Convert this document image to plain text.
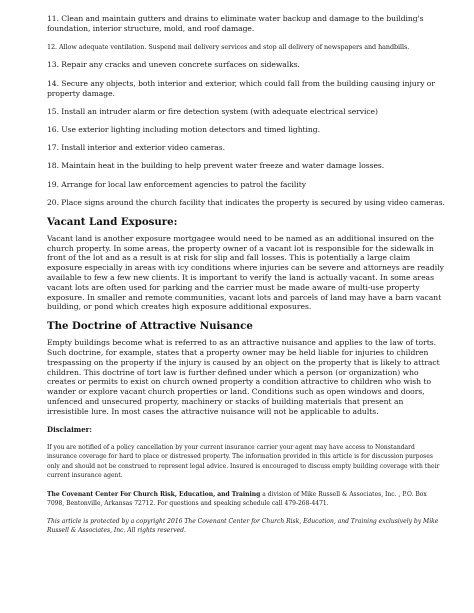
11. Clean and maintain gutters and drains to eliminate water backup and damage to the building's foundation, interior structure, mold, and roof damage.

12. Allow adequate ventilation. Suspend mail delivery services and stop all delivery of newspapers and handbills.

13. Repair any cracks and uneven concrete surfaces on sidewalks.

14. Secure any objects, both interior and exterior, which could fall from the building causing injury or property damage.

15. Install an intruder alarm or fire detection system (with adequate electrical service)

16. Use exterior lighting including motion detectors and timed lighting.

17. Install interior and exterior video cameras.

18. Maintain heat in the building to help prevent water freeze and water damage losses.

19. Arrange for local law enforcement agencies to patrol the facility

20. Place signs around the church facility that indicates the property is secured by using video cameras.

Vacant Land Exposure:

Vacant land is another exposure mortgagee would need to be named as an additional insured on the church property. In some areas, the property owner of a vacant lot is responsible for the sidewalk in front of the lot and as a result is at risk for slip and fall losses. This is potentially a large claim exposure especially in areas with icy conditions where injuries can be severe and attorneys are readily available to few a few new clients. It is important to verify the land is actually vacant. In some areas vacant lots are often used for parking and the carrier must be made aware of multi-use property exposure. In smaller and remote communities, vacant lots and parcels of land may have a barn vacant building, or pond which creates high exposure additional exposures.

The Doctrine of Attractive Nuisance

Empty buildings become what is referred to as an attractive nuisance and applies to the law of torts. Such doctrine, for example, states that a property owner may be held liable for injuries to children trespassing on the property if the injury is caused by an object on the property that is likely to attract children. This doctrine of tort law is further defined under which a person (or organization) who creates or permits to exist on church owned property a condition attractive to children who wish to wander or explore vacant church properties or land. Conditions such as open windows and doors, unfenced and unsecured property, machinery or stacks of building materials that present an irresistible lure. In most cases the attractive nuisance will not be applicable to adults.

Disclaimer:

If you are notified of a policy cancellation by your current insurance carrier your agent may have access to Nonstandard insurance coverage for hard to place or distressed property. The information provided in this article is for discussion purposes only and should not be construed to represent legal advice. Insured is encouraged to discuss empty building coverage with their current insurance agent.

The Covenant Center For Church Risk, Education, and Training a division of Mike Russell & Associates, Inc. , P.O. Box 7098, Bentonville, Arkansas 72712. For questions and speaking schedule call 479-268-4471.

This article is protected by a copyright 2016 The Covenant Center for Church Risk, Education, and Training exclusively by Mike Russell & Associates, Inc. All rights reserved.
